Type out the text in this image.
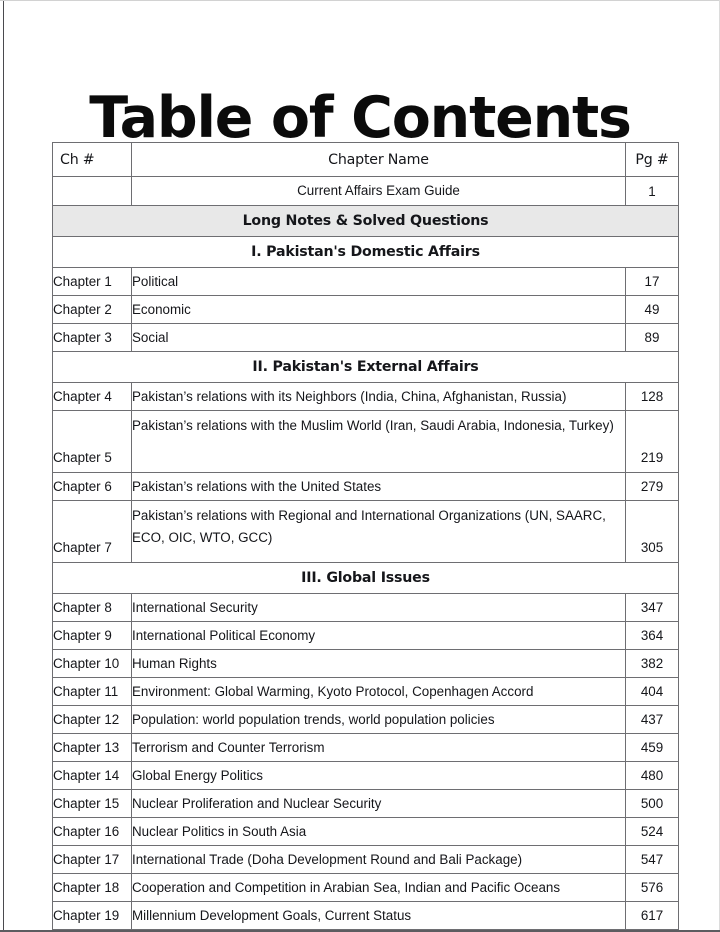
Table of Contents
Ch #	Chapter Name	Pg #
	Current Affairs Exam Guide	1
Long Notes & Solved Questions		
I. Pakistan's Domestic Affairs		
Chapter 1	Political	17
Chapter 2	Economic	49
Chapter 3	Social	89
II. Pakistan's External Affairs		
Chapter 4	Pakistan’s relations with its Neighbors (India, China, Afghanistan, Russia)	128
Chapter 5	Pakistan’s relations with the Muslim World (Iran, Saudi Arabia, Indonesia, Turkey)	219
Chapter 6	Pakistan’s relations with the United States	279
Chapter 7	Pakistan’s relations with Regional and International Organizations (UN, SAARC, ECO, OIC, WTO, GCC)	305
III. Global Issues		
Chapter 8	International Security	347
Chapter 9	International Political Economy	364
Chapter 10	Human Rights	382
Chapter 11	Environment: Global Warming, Kyoto Protocol, Copenhagen Accord	404
Chapter 12	Population: world population trends, world population policies	437
Chapter 13	Terrorism and Counter Terrorism	459
Chapter 14	Global Energy Politics	480
Chapter 15	Nuclear Proliferation and Nuclear Security	500
Chapter 16	Nuclear Politics in South Asia	524
Chapter 17	International Trade (Doha Development Round and Bali Package)	547
Chapter 18	Cooperation and Competition in Arabian Sea, Indian and Pacific Oceans	576
Chapter 19	Millennium Development Goals, Current Status	617
